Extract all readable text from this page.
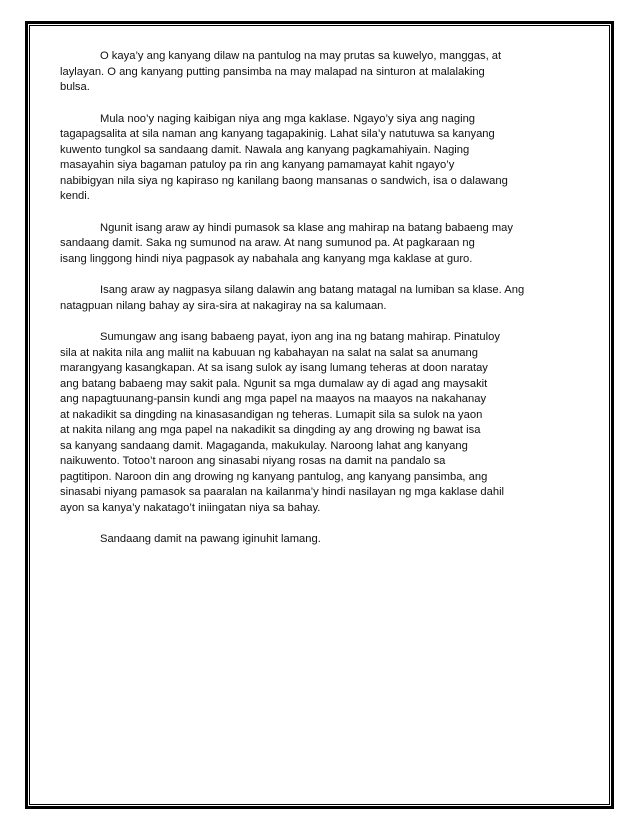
O kaya’y ang kanyang dilaw na pantulog na may prutas sa kuwelyo, manggas, at
laylayan. O ang kanyang putting pansimba na may malapad na sinturon at malalaking
bulsa.
Mula noo’y naging kaibigan niya ang mga kaklase. Ngayo’y siya ang naging
tagapagsalita at sila naman ang kanyang tagapakinig. Lahat sila’y natutuwa sa kanyang
kuwento tungkol sa sandaang damit. Nawala ang kanyang pagkamahiyain. Naging
masayahin siya bagaman patuloy pa rin ang kanyang pamamayat kahit ngayo’y
nabibigyan nila siya ng kapiraso ng kanilang baong mansanas o sandwich, isa o dalawang
kendi.
Ngunit isang araw ay hindi pumasok sa klase ang mahirap na batang babaeng may
sandaang damit. Saka ng sumunod na araw. At nang sumunod pa. At pagkaraan ng
isang linggong hindi niya pagpasok ay nabahala ang kanyang mga kaklase at guro.
Isang araw ay nagpasya silang dalawin ang batang matagal na lumiban sa klase. Ang
natagpuan nilang bahay ay sira-sira at nakagiray na sa kalumaan.
Sumungaw ang isang babaeng payat, iyon ang ina ng batang mahirap. Pinatuloy
sila at nakita nila ang maliit na kabuuan ng kabahayan na salat na salat sa anumang
marangyang kasangkapan. At sa isang sulok ay isang lumang teheras at doon naratay
ang batang babaeng may sakit pala. Ngunit sa mga dumalaw ay di agad ang maysakit
ang napagtuunang-pansin kundi ang mga papel na maayos na maayos na nakahanay
at nakadikit sa dingding na kinasasandigan ng teheras. Lumapit sila sa sulok na yaon
at nakita nilang ang mga papel na nakadikit sa dingding ay ang drowing ng bawat isa
sa kanyang sandaang damit. Magaganda, makukulay. Naroong lahat ang kanyang
naikuwento. Totoo’t naroon ang sinasabi niyang rosas na damit na pandalo sa
pagtitipon. Naroon din ang drowing ng kanyang pantulog, ang kanyang pansimba, ang
sinasabi niyang pamasok sa paaralan na kailanma’y hindi nasilayan ng mga kaklase dahil
ayon sa kanya’y nakatago’t iniingatan niya sa bahay.
Sandaang damit na pawang iginuhit lamang.
